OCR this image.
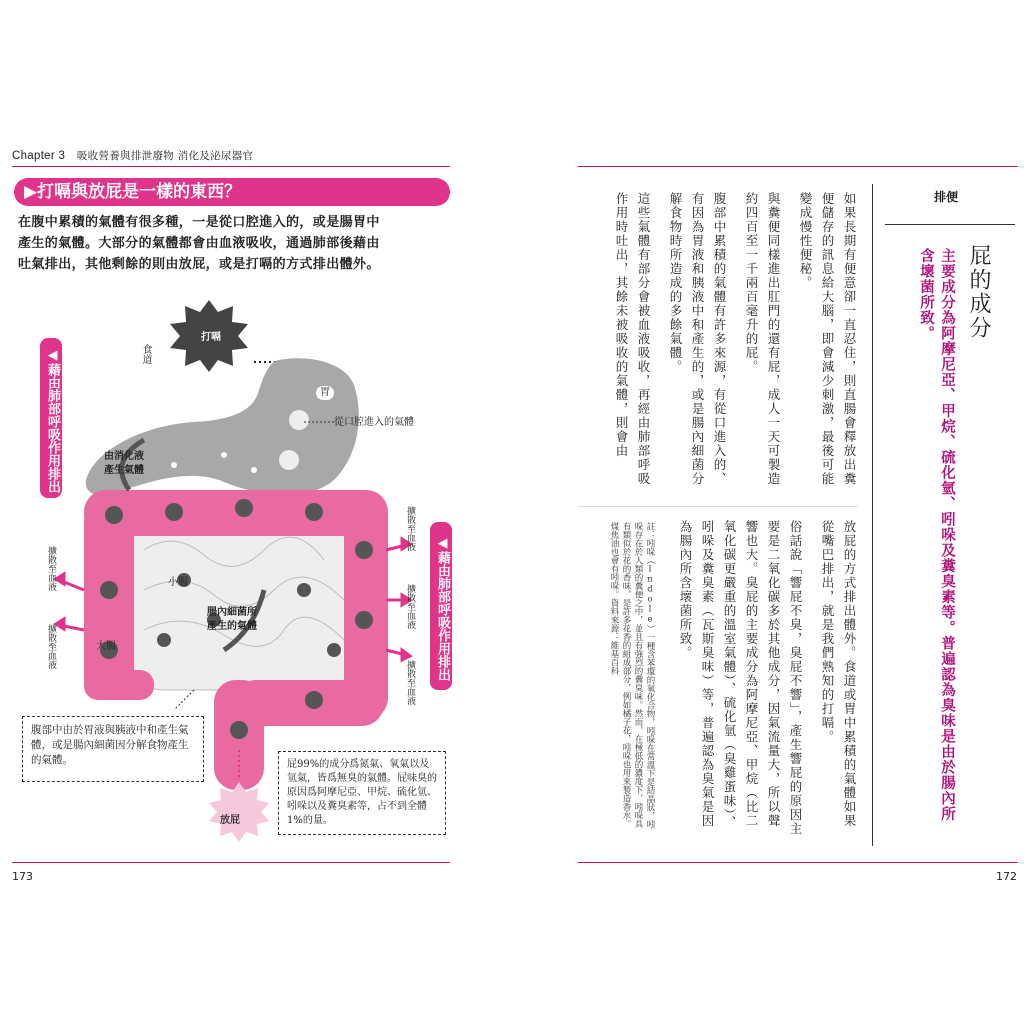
Chapter 3 吸收營養與排泄廢物 消化及泌尿器官
▶打嗝與放屁是一樣的東西？
在腹中累積的氣體有很多種，一是從口腔進入的，或是腸胃中
產生的氣體。大部分的氣體都會由血液吸收，通過肺部後藉由
吐氣排出，其他剩餘的則由放屁，或是打嗝的方式排出體外。
打嗝
食道
胃
從口腔進入的氣體
由消化液
產生氣體
小腸
大腸
腸內細菌所
產生的氣體
擴散至血液
擴散至血液
擴散至血液
擴散至血液
擴散至血液
◀藉由肺部呼吸作用排出
◀藉由肺部呼吸作用排出
腹部中由於胃液與胰液中和產生氣體，或是腸內細菌因分解食物產生的氣體。
放屁
屁99%的成分爲氮氣、氧氣以及氫氣，皆爲無臭的氣體。屁味臭的原因爲阿摩尼亞、甲烷、硫化氫、吲哚以及糞臭素等，占不到全體1%的量。
173
排便
屁的成分
主要成分為阿摩尼亞、甲烷、硫化氫、吲哚及糞臭素等。普遍認為臭味是由於腸內所含壞菌所致。

如果長期有便意卻一直忍住，則直腸會釋放出糞便儲存的訊息給大腦，即會減少刺激，最後可能變成慢性便秘。

與糞便同樣進出肛門的還有屁，成人一天可製造約四百至一千兩百毫升的屁。

腹部中累積的氣體有許多來源，有從口進入的、有因為胃液和胰液中和產生的，或是腸內細菌分解食物時所造成的多餘氣體。

這些氣體有部分會被血液吸收，再經由肺部呼吸作用時吐出，其餘未被吸收的氣體，則會由

放屁的方式排出體外。食道或胃中累積的氣體如果從嘴巴排出，就是我們熟知的打嗝。

俗話說「響屁不臭，臭屁不響」，產生響屁的原因主要是二氧化碳多於其他成分，因氣流量大，所以聲響也大。臭屁的主要成分為阿摩尼亞、甲烷（比二氧化碳更嚴重的溫室氣體）、硫化氫（臭雞蛋味）、吲哚及糞臭素（瓦斯臭味）等，普遍認為臭氣是因為腸內所含壞菌所致。

註：吲哚（Indole）一種含苯環的氧化合物，吲哚在常溫下是結晶狀，吲哚存在於人類的糞便之中，並且有強烈的糞臭味。然而，在極低的濃度下，吲哚具有類似於花的香味，是許多花香的組成部分，例如橘子花，吲哚也用來製造香水。煤焦油也會有吲哚。資料來源：維基百科
172
